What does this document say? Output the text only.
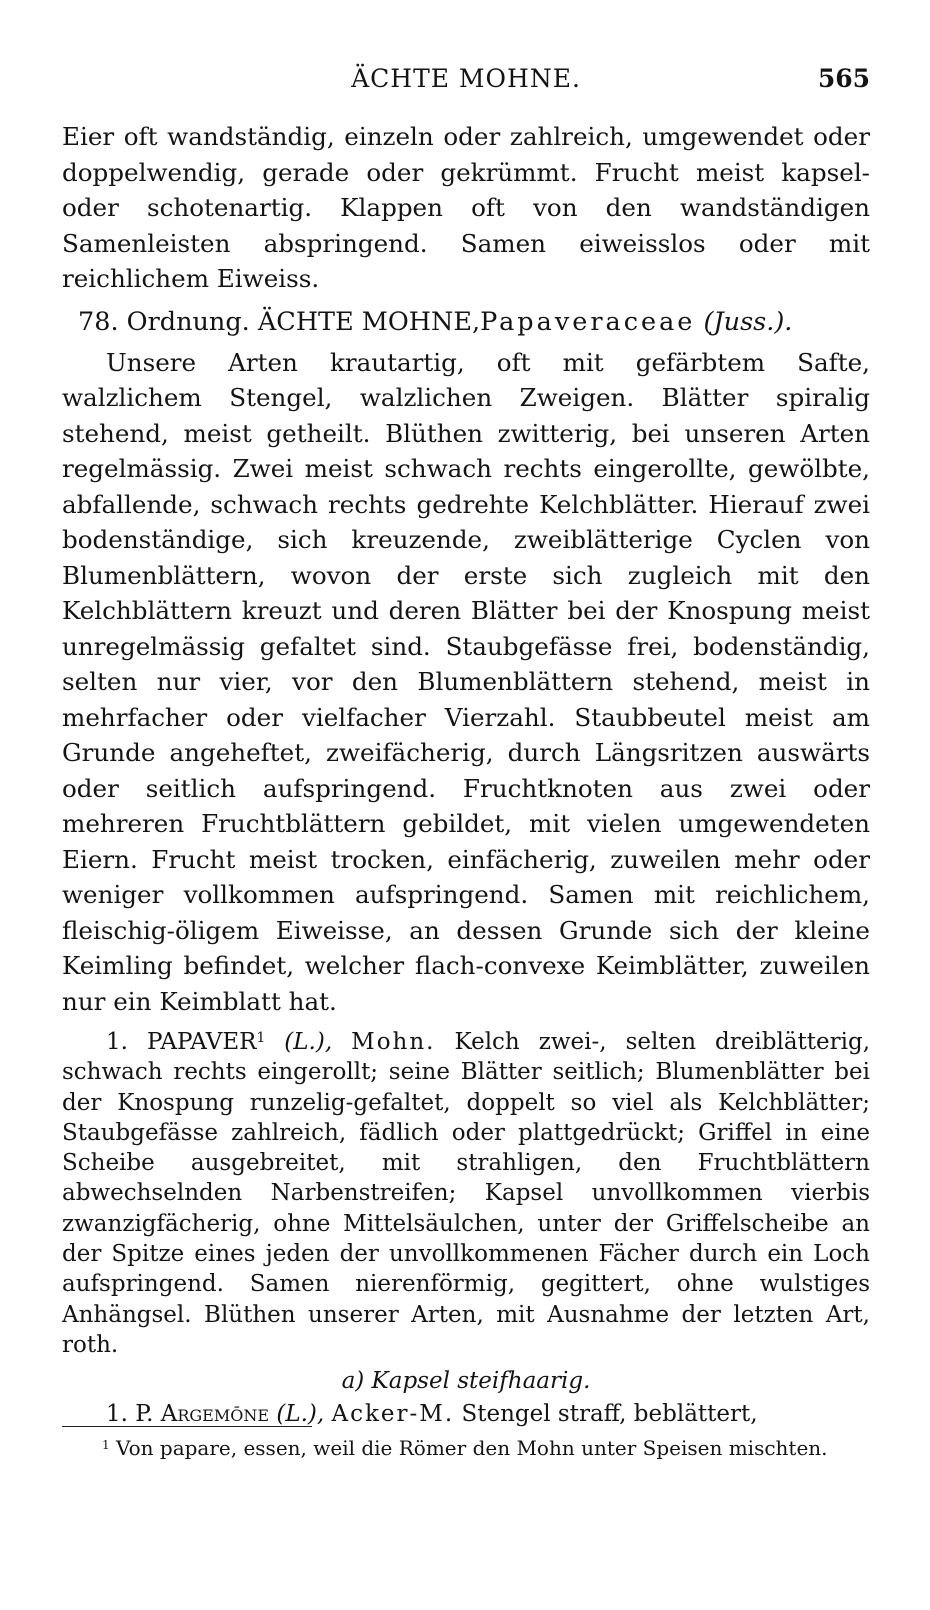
ÄCHTE MOHNE.	565

Eier oft wandständig, einzeln oder zahlreich, umgewendet oder doppelwendig, gerade oder gekrümmt. Frucht meist kapsel- oder schotenartig. Klappen oft von den wandständigen Samenleisten abspringend. Samen eiweisslos oder mit reichlichem Eiweiss.

78. Ordnung. ÄCHTE MOHNE,Papaveraceae (Juss.).

Unsere Arten krautartig, oft mit gefärbtem Safte, walzlichem Stengel, walzlichen Zweigen. Blätter spiralig stehend, meist getheilt. Blüthen zwitterig, bei unseren Arten regelmässig. Zwei meist schwach rechts eingerollte, gewölbte, abfallende, schwach rechts gedrehte Kelchblätter. Hierauf zwei bodenständige, sich kreuzende, zweiblätterige Cyclen von Blumenblättern, wovon der erste sich zugleich mit den Kelchblättern kreuzt und deren Blätter bei der Knospung meist unregelmässig gefaltet sind. Staubgefässe frei, bodenständig, selten nur vier, vor den Blumenblättern stehend, meist in mehrfacher oder vielfacher Vierzahl. Staubbeutel meist am Grunde angeheftet, zweifächerig, durch Längsritzen auswärts oder seitlich aufspringend. Fruchtknoten aus zwei oder mehreren Fruchtblättern gebildet, mit vielen umgewendeten Eiern. Frucht meist trocken, einfächerig, zuweilen mehr oder weniger vollkommen aufspringend. Samen mit reichlichem, fleischig-öligem Eiweisse, an dessen Grunde sich der kleine Keimling befindet, welcher flach-convexe Keimblätter, zuweilen nur ein Keimblatt hat.

1. PAPAVER$^1$ (L.), Mohn. Kelch zwei-, selten dreiblätterig, schwach rechts eingerollt; seine Blätter seitlich; Blumenblätter bei der Knospung runzelig-gefaltet, doppelt so viel als Kelchblätter; Staubgefässe zahlreich, fädlich oder plattgedrückt; Griffel in eine Scheibe ausgebreitet, mit strahligen, den Fruchtblättern abwechselnden Narbenstreifen; Kapsel unvollkommen vierbis zwanzigfächerig, ohne Mittelsäulchen, unter der Griffelscheibe an der Spitze eines jeden der unvollkommenen Fächer durch ein Loch aufspringend. Samen nierenförmig, gegittert, ohne wulstiges Anhängsel. Blüthen unserer Arten, mit Ausnahme der letzten Art, roth.

a) Kapsel steifhaarig.

1. P. Argemōne (L.), Acker-M. Stengel straff, beblättert,

$^1$ Von papare, essen, weil die Römer den Mohn unter Speisen mischten.
